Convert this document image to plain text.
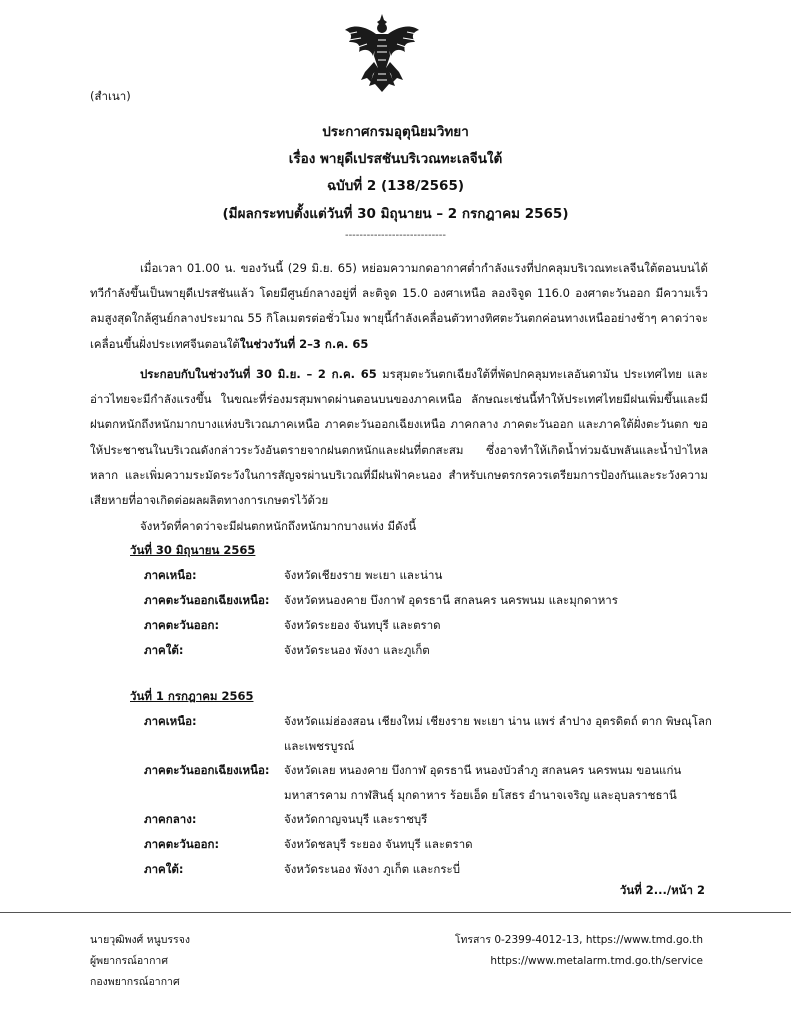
(สำเนา)
ประกาศกรมอุตุนิยมวิทยา
เรื่อง พายุดีเปรสชันบริเวณทะเลจีนใต้
ฉบับที่ 2 (138/2565)
(มีผลกระทบตั้งแต่วันที่ 30 มิถุนายน – 2 กรกฎาคม 2565)
----------------------------
เมื่อเวลา 01.00 น. ของวันนี้ (29 มิ.ย. 65) หย่อมความกดอากาศต่ำกำลังแรงที่ปกคลุมบริเวณทะเลจีนใต้ตอนบนได้ทวีกำลังขึ้นเป็นพายุดีเปรสชันแล้ว โดยมีศูนย์กลางอยู่ที่ ละติจูด 15.0 องศาเหนือ ลองจิจูด 116.0 องศาตะวันออก มีความเร็วลมสูงสุดใกล้ศูนย์กลางประมาณ 55 กิโลเมตรต่อชั่วโมง พายุนี้กำลังเคลื่อนตัวทางทิศตะวันตกค่อนทางเหนืออย่างช้าๆ คาดว่าจะเคลื่อนขึ้นฝั่งประเทศจีนตอนใต้ในช่วงวันที่ 2–3 ก.ค. 65
ประกอบกับในช่วงวันที่ 30 มิ.ย. – 2 ก.ค. 65 มรสุมตะวันตกเฉียงใต้ที่พัดปกคลุมทะเลอันดามัน ประเทศไทย และอ่าวไทยจะมีกำลังแรงขึ้น ในขณะที่ร่องมรสุมพาดผ่านตอนบนของภาคเหนือ ลักษณะเช่นนี้ทำให้ประเทศไทยมีฝนเพิ่มขึ้นและมีฝนตกหนักถึงหนักมากบางแห่งบริเวณภาคเหนือ ภาคตะวันออกเฉียงเหนือ ภาคกลาง ภาคตะวันออก และภาคใต้ฝั่งตะวันตก ขอให้ประชาชนในบริเวณดังกล่าวระวังอันตรายจากฝนตกหนักและฝนที่ตกสะสม ซึ่งอาจทำให้เกิดน้ำท่วมฉับพลันและน้ำป่าไหลหลาก และเพิ่มความระมัดระวังในการสัญจรผ่านบริเวณที่มีฝนฟ้าคะนอง สำหรับเกษตรกรควรเตรียมการป้องกันและระวังความเสียหายที่อาจเกิดต่อผลผลิตทางการเกษตรไว้ด้วย
จังหวัดที่คาดว่าจะมีฝนตกหนักถึงหนักมากบางแห่ง มีดังนี้
วันที่ 30 มิถุนายน 2565
ภาคเหนือ:	จังหวัดเชียงราย พะเยา และน่าน
ภาคตะวันออกเฉียงเหนือ:	จังหวัดหนองคาย บึงกาฬ อุดรธานี สกลนคร นครพนม และมุกดาหาร
ภาคตะวันออก:	จังหวัดระยอง จันทบุรี และตราด
ภาคใต้:	จังหวัดระนอง พังงา และภูเก็ต
วันที่ 1 กรกฎาคม 2565
ภาคเหนือ:	จังหวัดแม่ฮ่องสอน เชียงใหม่ เชียงราย พะเยา น่าน แพร่ ลำปาง อุตรดิตถ์ ตาก พิษณุโลก และเพชรบูรณ์
ภาคตะวันออกเฉียงเหนือ:	จังหวัดเลย หนองคาย บึงกาฬ อุดรธานี หนองบัวลำภู สกลนคร นครพนม ขอนแก่น มหาสารคาม กาฬสินธุ์ มุกดาหาร ร้อยเอ็ด ยโสธร อำนาจเจริญ และอุบลราชธานี
ภาคกลาง:	จังหวัดกาญจนบุรี และราชบุรี
ภาคตะวันออก:	จังหวัดชลบุรี ระยอง จันทบุรี และตราด
ภาคใต้:	จังหวัดระนอง พังงา ภูเก็ต และกระบี่
วันที่ 2.../หน้า 2
นายวุฒิพงศ์ หนูบรรจง
ผู้พยากรณ์อากาศ
กองพยากรณ์อากาศ
โทรสาร 0-2399-4012-13, https://www.tmd.go.th
https://www.metalarm.tmd.go.th/service
